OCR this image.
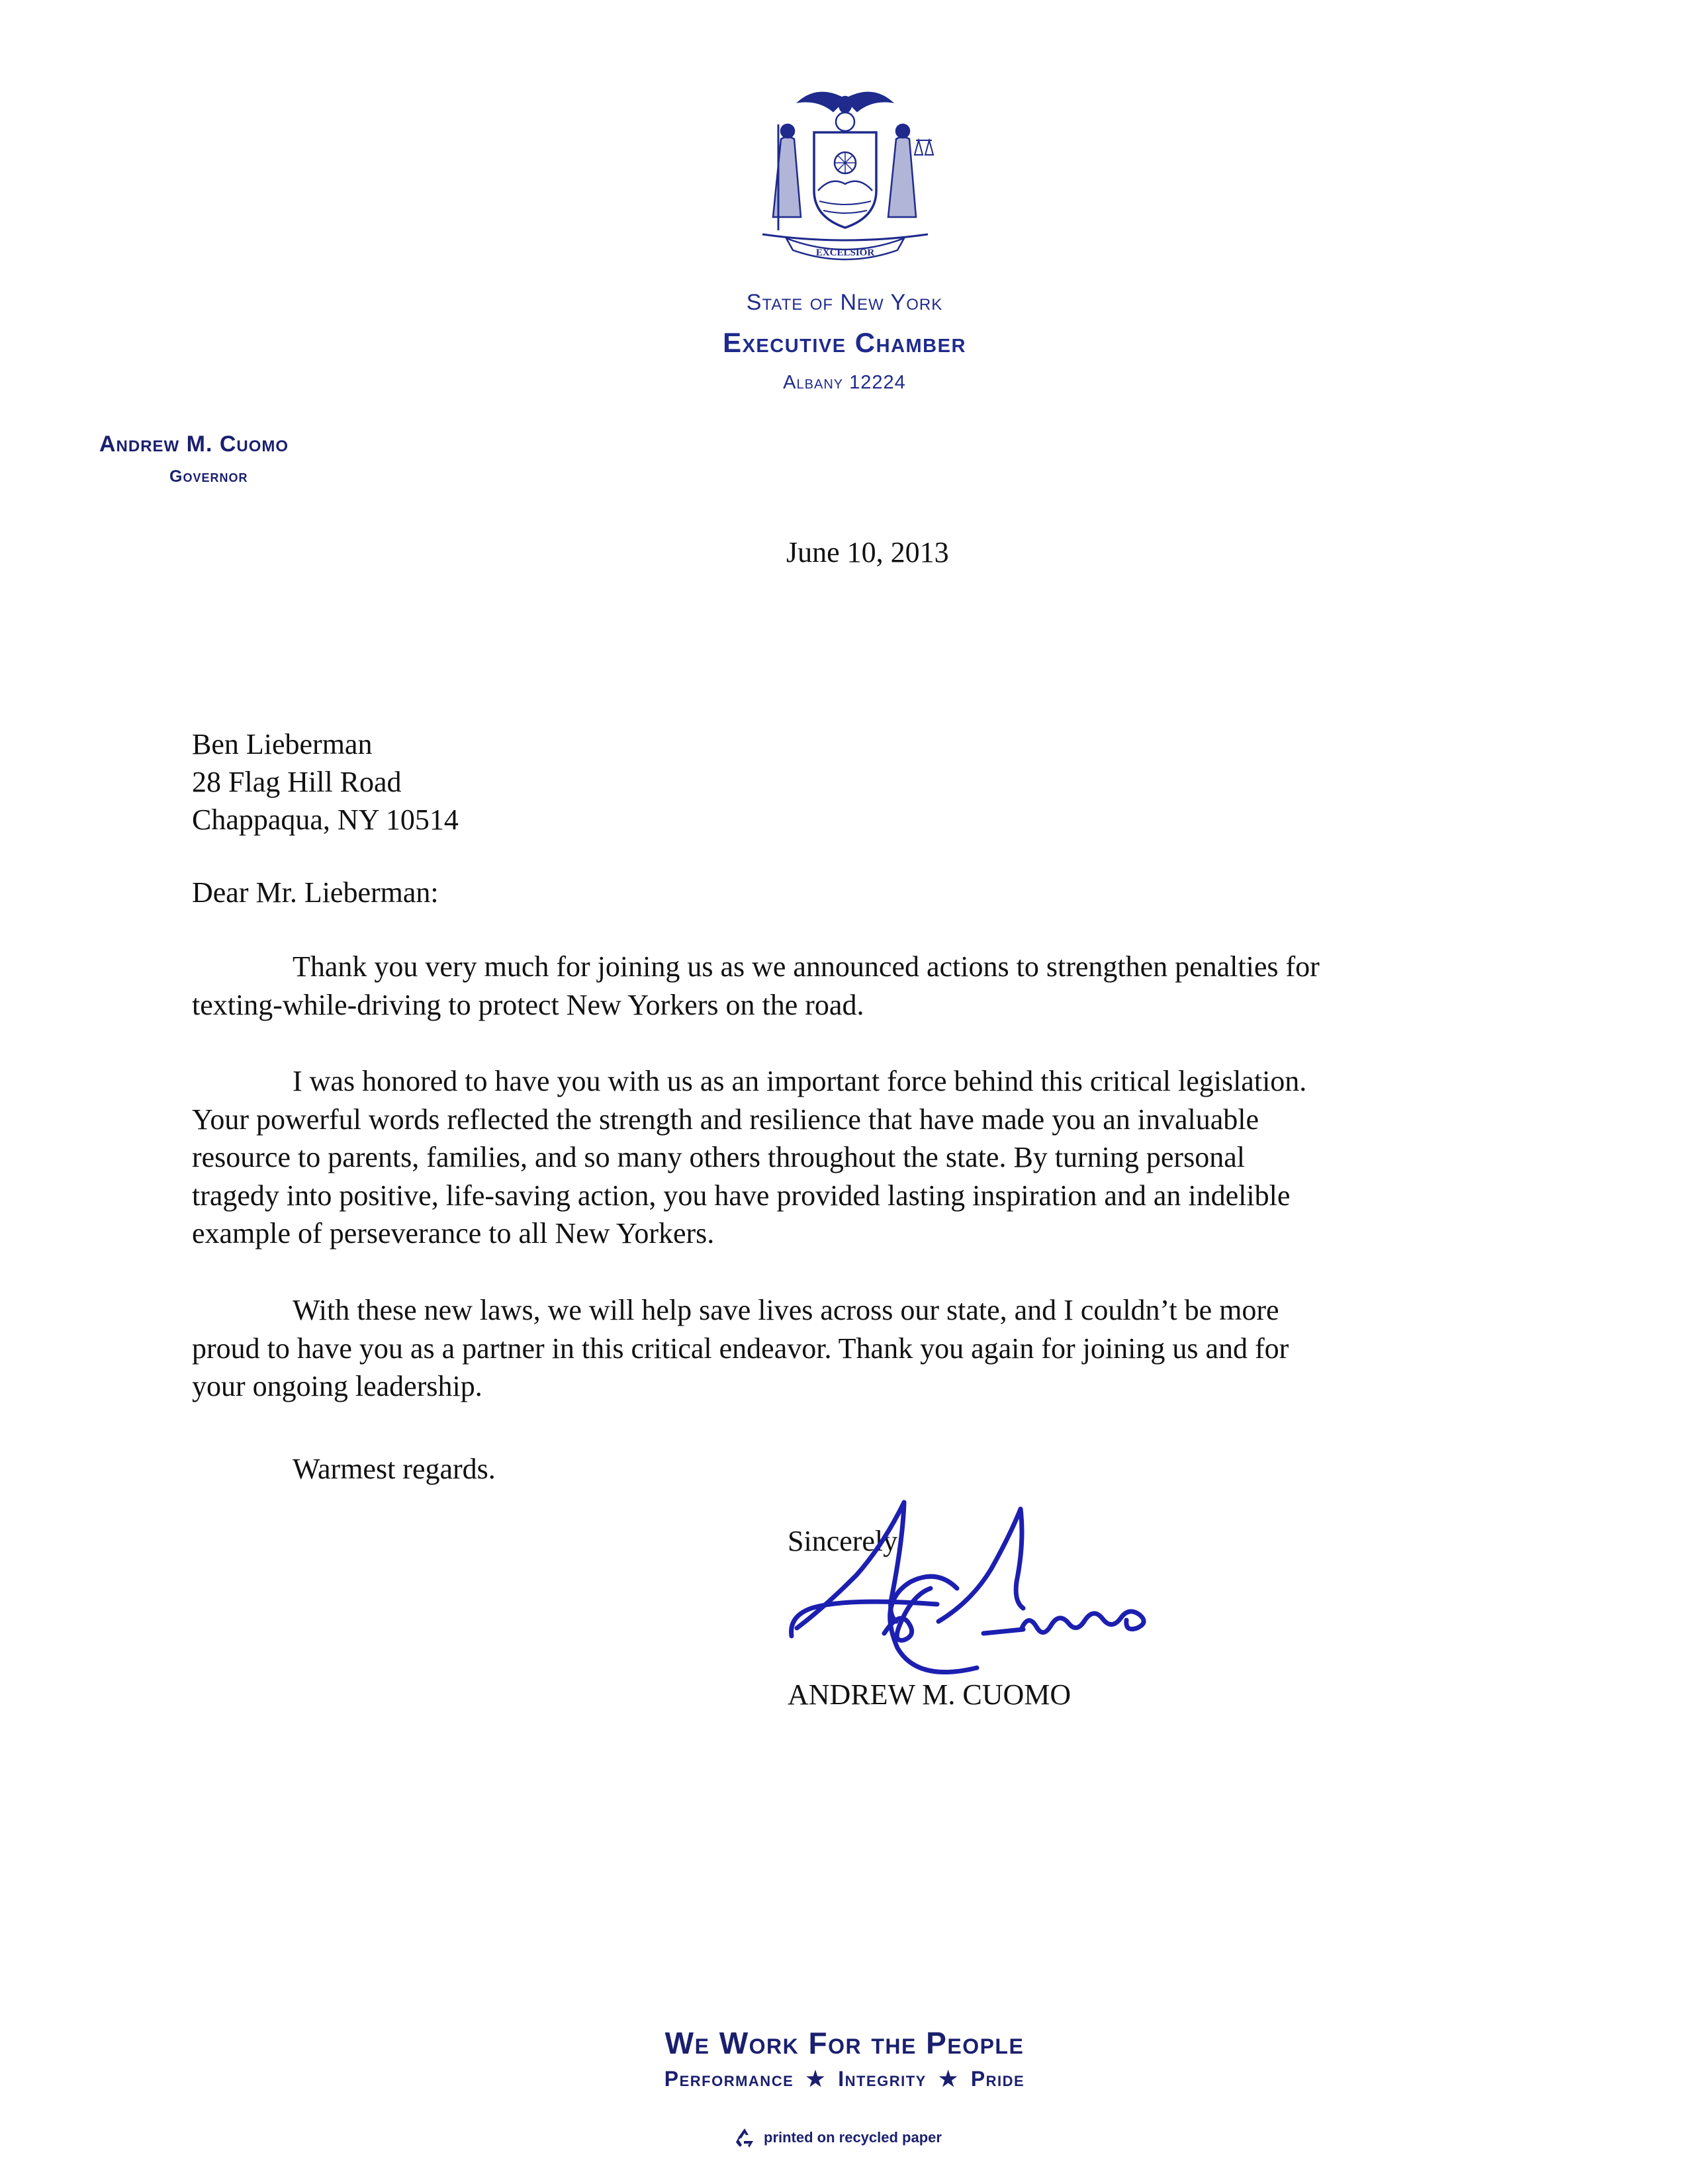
EXCELSIOR
State of New York
Executive Chamber
Albany 12224
Andrew M. Cuomo
Governor
June 10, 2013
Ben Lieberman
28 Flag Hill Road
Chappaqua, NY 10514
Dear Mr. Lieberman:
Thank you very much for joining us as we announced actions to strengthen penalties for
texting-while-driving to protect New Yorkers on the road.
I was honored to have you with us as an important force behind this critical legislation.
Your powerful words reflected the strength and resilience that have made you an invaluable
resource to parents, families, and so many others throughout the state. By turning personal
tragedy into positive, life-saving action, you have provided lasting inspiration and an indelible
example of perseverance to all New Yorkers.
With these new laws, we will help save lives across our state, and I couldn’t be more
proud to have you as a partner in this critical endeavor. Thank you again for joining us and for
your ongoing leadership.
Warmest regards.
Sincerely,
ANDREW M. CUOMO
We Work For the People
Performance ★ Integrity ★ Pride
printed on recycled paper
